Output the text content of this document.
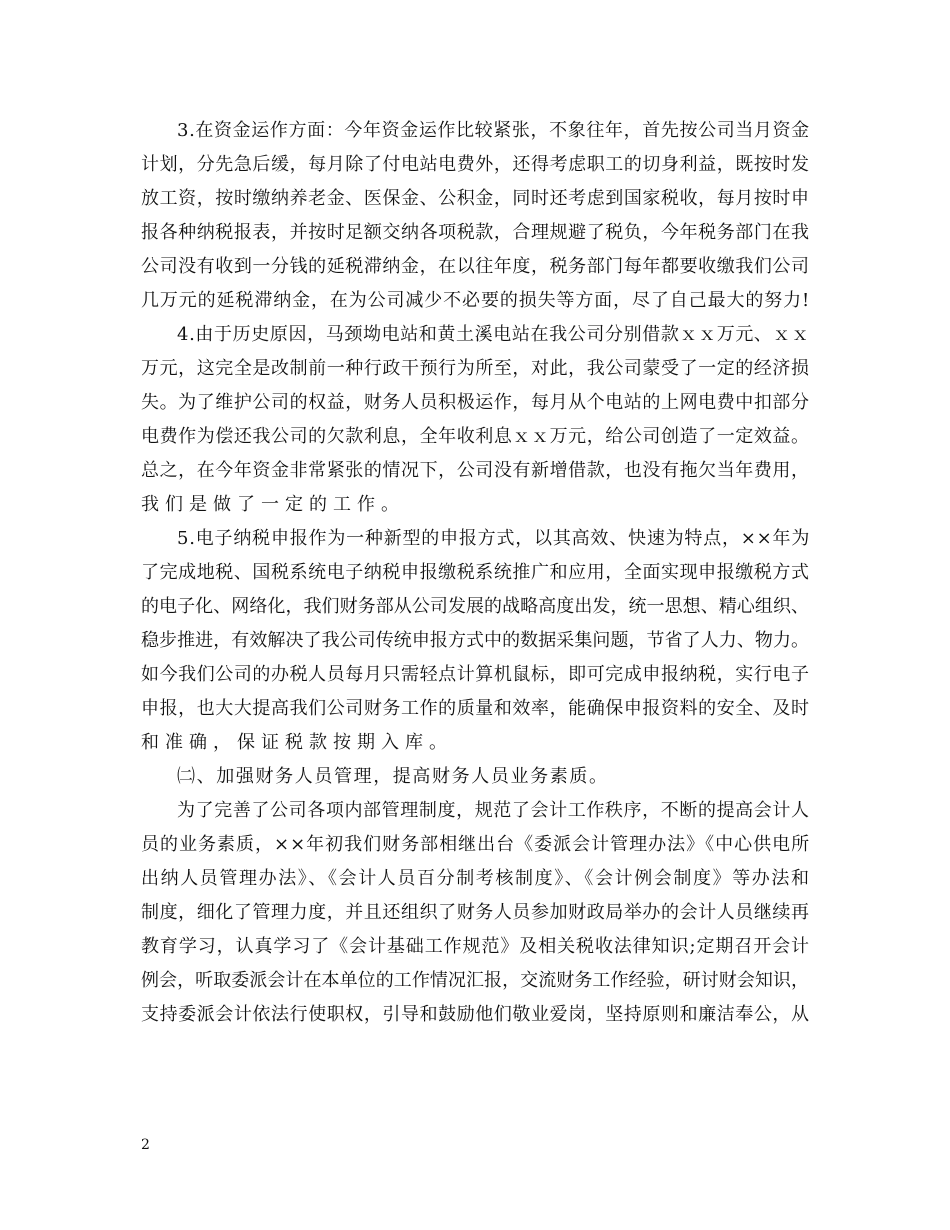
3.在资金运作方面：今年资金运作比较紧张，不象往年，首先按公司当月资金
计划，分先急后缓，每月除了付电站电费外，还得考虑职工的切身利益，既按时发
放工资，按时缴纳养老金、医保金、公积金，同时还考虑到国家税收，每月按时申
报各种纳税报表，并按时足额交纳各项税款，合理规避了税负，今年税务部门在我
公司没有收到一分钱的延税滞纳金，在以往年度，税务部门每年都要收缴我们公司
几万元的延税滞纳金，在为公司减少不必要的损失等方面，尽了自己最大的努力!
4.由于历史原因，马颈坳电站和黄土溪电站在我公司分别借款ｘｘ万元、ｘｘ
万元，这完全是改制前一种行政干预行为所至，对此，我公司蒙受了一定的经济损
失。为了维护公司的权益，财务人员积极运作，每月从个电站的上网电费中扣部分
电费作为偿还我公司的欠款利息，全年收利息ｘｘ万元，给公司创造了一定效益。
总之，在今年资金非常紧张的情况下，公司没有新增借款，也没有拖欠当年费用，
我们是做了一定的工作。
5.电子纳税申报作为一种新型的申报方式，以其高效、快速为特点，××年为
了完成地税、国税系统电子纳税申报缴税系统推广和应用，全面实现申报缴税方式
的电子化、网络化，我们财务部从公司发展的战略高度出发，统一思想、精心组织、
稳步推进，有效解决了我公司传统申报方式中的数据采集问题，节省了人力、物力。
如今我们公司的办税人员每月只需轻点计算机鼠标，即可完成申报纳税，实行电子
申报，也大大提高我们公司财务工作的质量和效率，能确保申报资料的安全、及时
和准确，保证税款按期入库。
㈡、加强财务人员管理，提高财务人员业务素质。
为了完善了公司各项内部管理制度，规范了会计工作秩序，不断的提高会计人
员的业务素质，××年初我们财务部相继出台《委派会计管理办法》《中心供电所
出纳人员管理办法》、《会计人员百分制考核制度》、《会计例会制度》等办法和
制度，细化了管理力度，并且还组织了财务人员参加财政局举办的会计人员继续再
教育学习，认真学习了《会计基础工作规范》及相关税收法律知识;定期召开会计
例会，听取委派会计在本单位的工作情况汇报，交流财务工作经验，研讨财会知识，
支持委派会计依法行使职权，引导和鼓励他们敬业爱岗，坚持原则和廉洁奉公，从
2
